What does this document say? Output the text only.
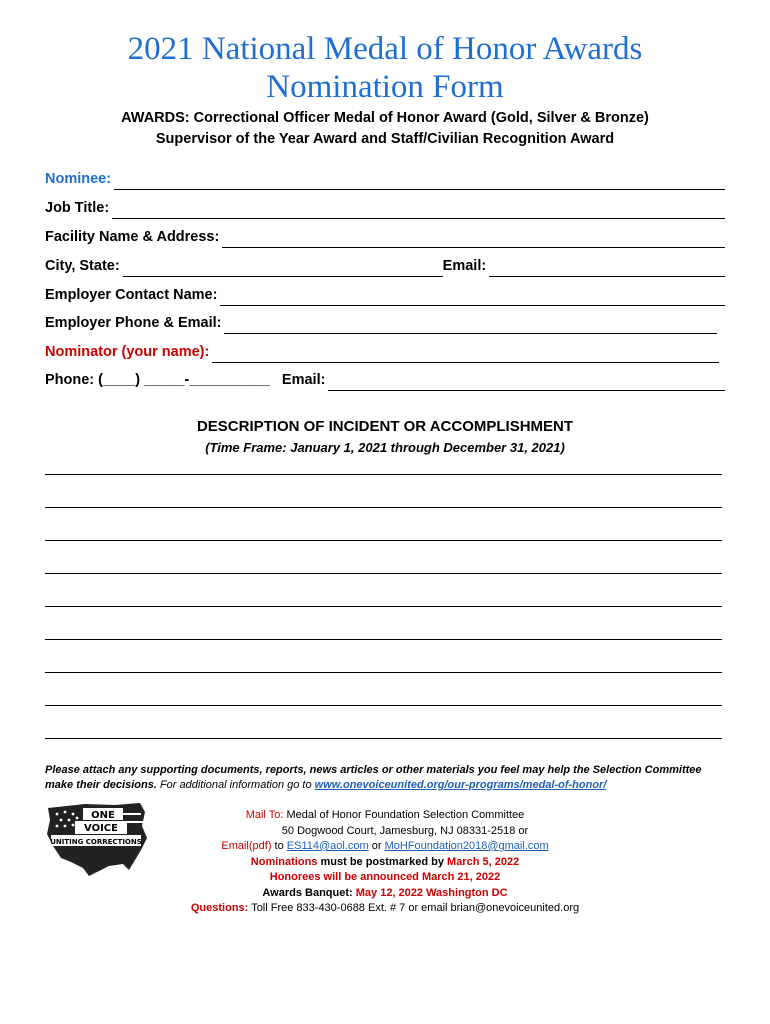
2021 National Medal of Honor Awards
Nomination Form
AWARDS: Correctional Officer Medal of Honor Award (Gold, Silver & Bronze)
Supervisor of the Year Award and Staff/Civilian Recognition Award
Nominee:
Job Title:
Facility Name & Address:
City, State:	Email:
Employer Contact Name:
Employer Phone & Email:
Nominator (your name):
Phone: (____) _____-__________ Email:
DESCRIPTION OF INCIDENT OR ACCOMPLISHMENT
(Time Frame: January 1, 2021 through December 31, 2021)
Please attach any supporting documents, reports, news articles or other materials you feel may help the Selection Committee make their decisions. For additional information go to www.onevoiceunited.org/our-programs/medal-of-honor/
ONE
VOICE
UNITING CORRECTIONS
Mail To: Medal of Honor Foundation Selection Committee
50 Dogwood Court, Jamesburg, NJ 08331-2518 or
Email(pdf) to ES114@aol.com or MoHFoundation2018@gmail.com
Nominations must be postmarked by March 5, 2022
Honorees will be announced March 21, 2022
Awards Banquet: May 12, 2022 Washington DC
Questions: Toll Free 833-430-0688 Ext. # 7 or email brian@onevoiceunited.org
